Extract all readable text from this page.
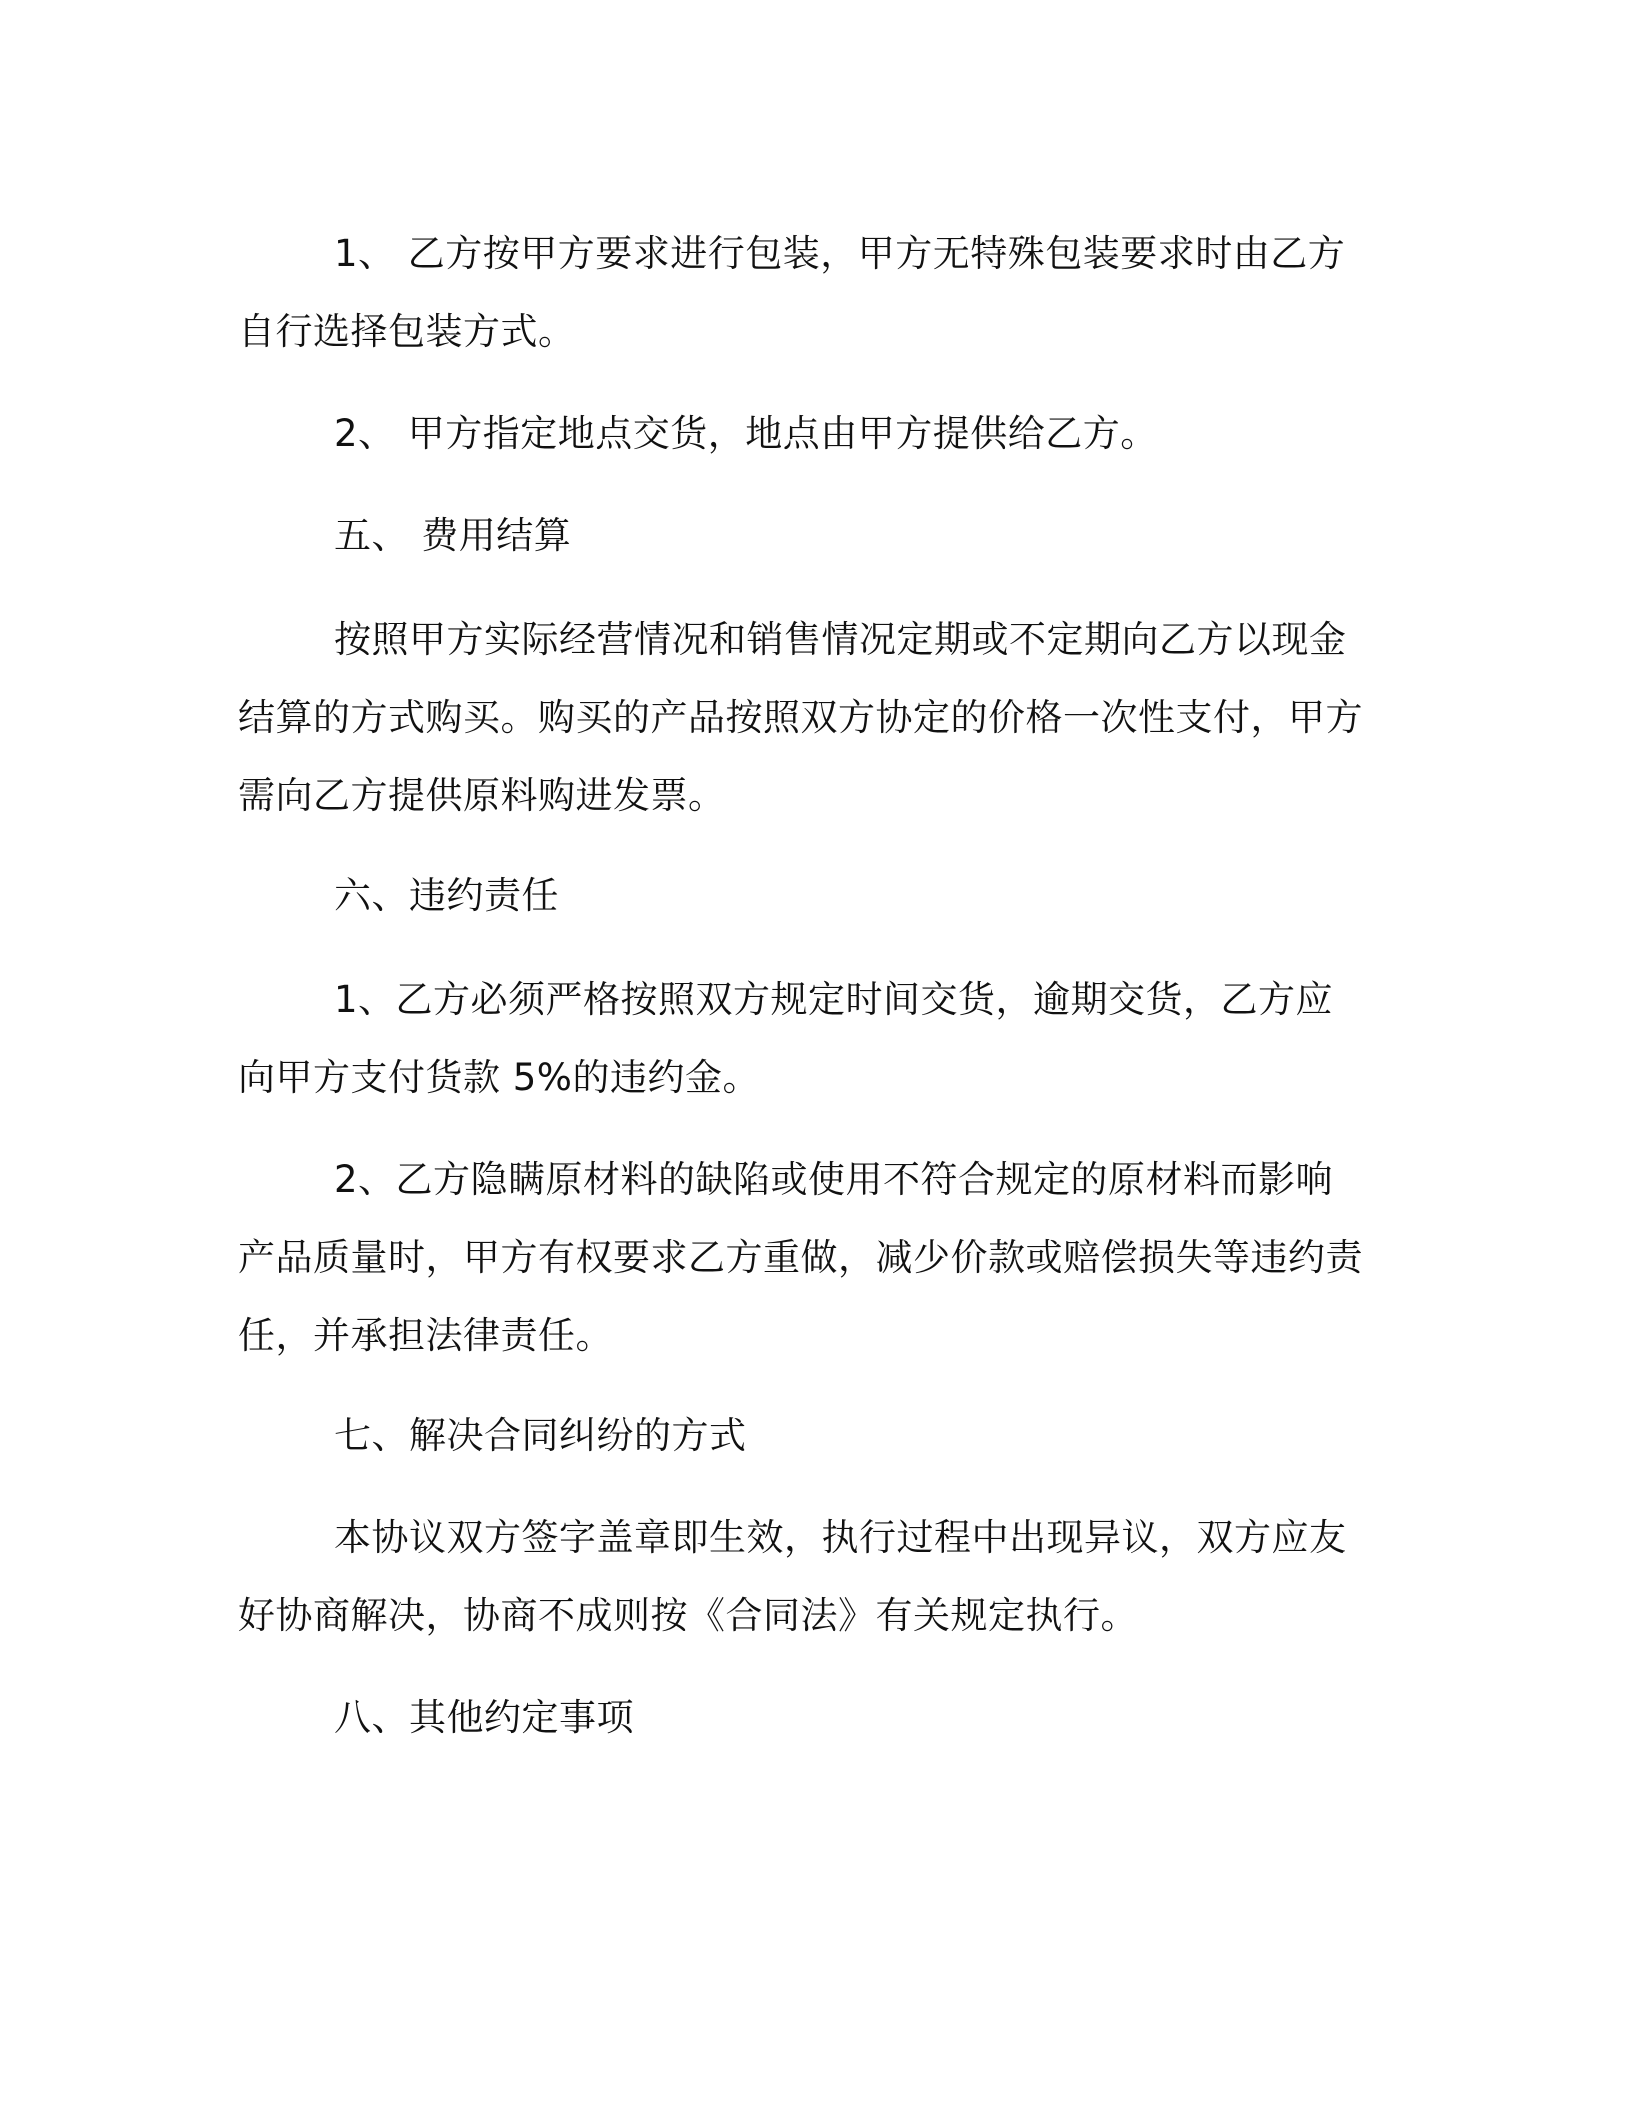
1、 乙方按甲方要求进行包装，甲方无特殊包装要求时由乙方自行选择包装方式。

2、 甲方指定地点交货，地点由甲方提供给乙方。

五、 费用结算

按照甲方实际经营情况和销售情况定期或不定期向乙方以现金结算的方式购买。购买的产品按照双方协定的价格一次性支付，甲方需向乙方提供原料购进发票。

六、违约责任

1、乙方必须严格按照双方规定时间交货，逾期交货，乙方应向甲方支付货款 5%的违约金。

2、乙方隐瞒原材料的缺陷或使用不符合规定的原材料而影响产品质量时，甲方有权要求乙方重做，减少价款或赔偿损失等违约责任，并承担法律责任。

七、解决合同纠纷的方式

本协议双方签字盖章即生效，执行过程中出现异议，双方应友好协商解决，协商不成则按《合同法》有关规定执行。

八、其他约定事项
